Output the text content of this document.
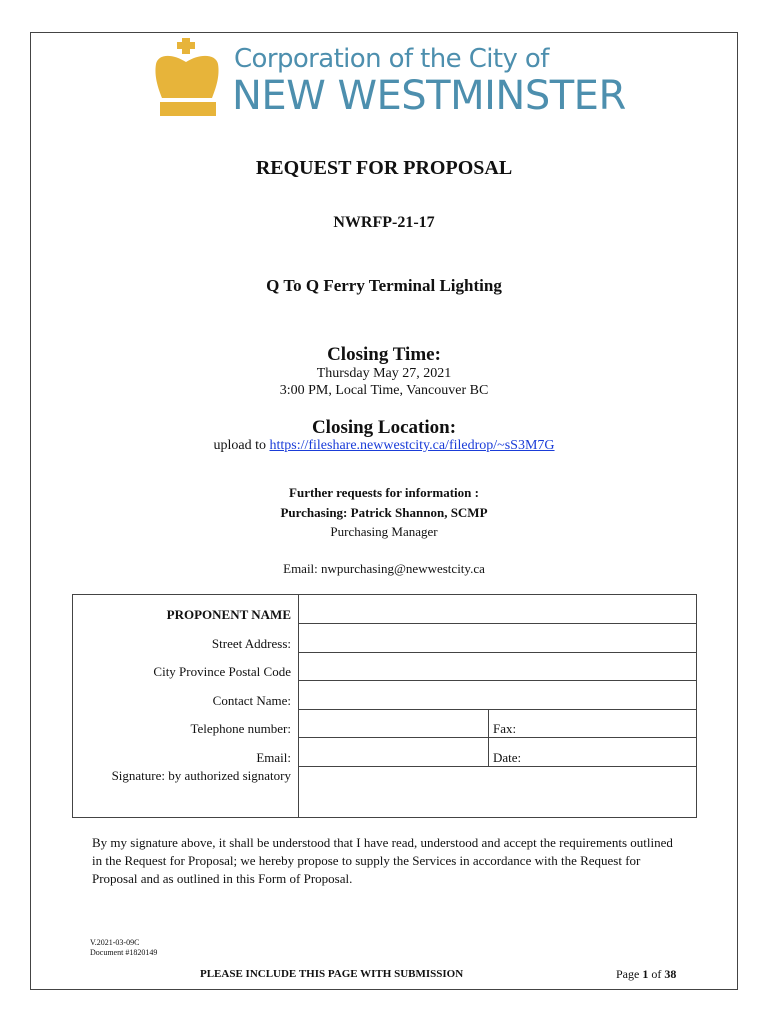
Corporation of the City of
NEW WESTMINSTER
REQUEST FOR PROPOSAL
NWRFP-21-17
Q To Q Ferry Terminal Lighting
Closing Time:
Thursday May 27, 2021
3:00 PM, Local Time, Vancouver BC
Closing Location:
upload to https://fileshare.newwestcity.ca/filedrop/~sS3M7G
Further requests for information :
Purchasing: Patrick Shannon, SCMP
Purchasing Manager
Email: nwpurchasing@newwestcity.ca
PROPONENT NAME
Street Address:
City Province Postal Code
Contact Name:
Telephone number:
Email:
Signature: by authorized signatory
Fax:
Date:
By my signature above, it shall be understood that I have read, understood and accept the requirements outlined in the Request for Proposal; we hereby propose to supply the Services in accordance with the Request for Proposal and as outlined in this Form of Proposal.
V.2021-03-09C
Document #1820149
PLEASE INCLUDE THIS PAGE WITH SUBMISSION	Page 1 of 38
